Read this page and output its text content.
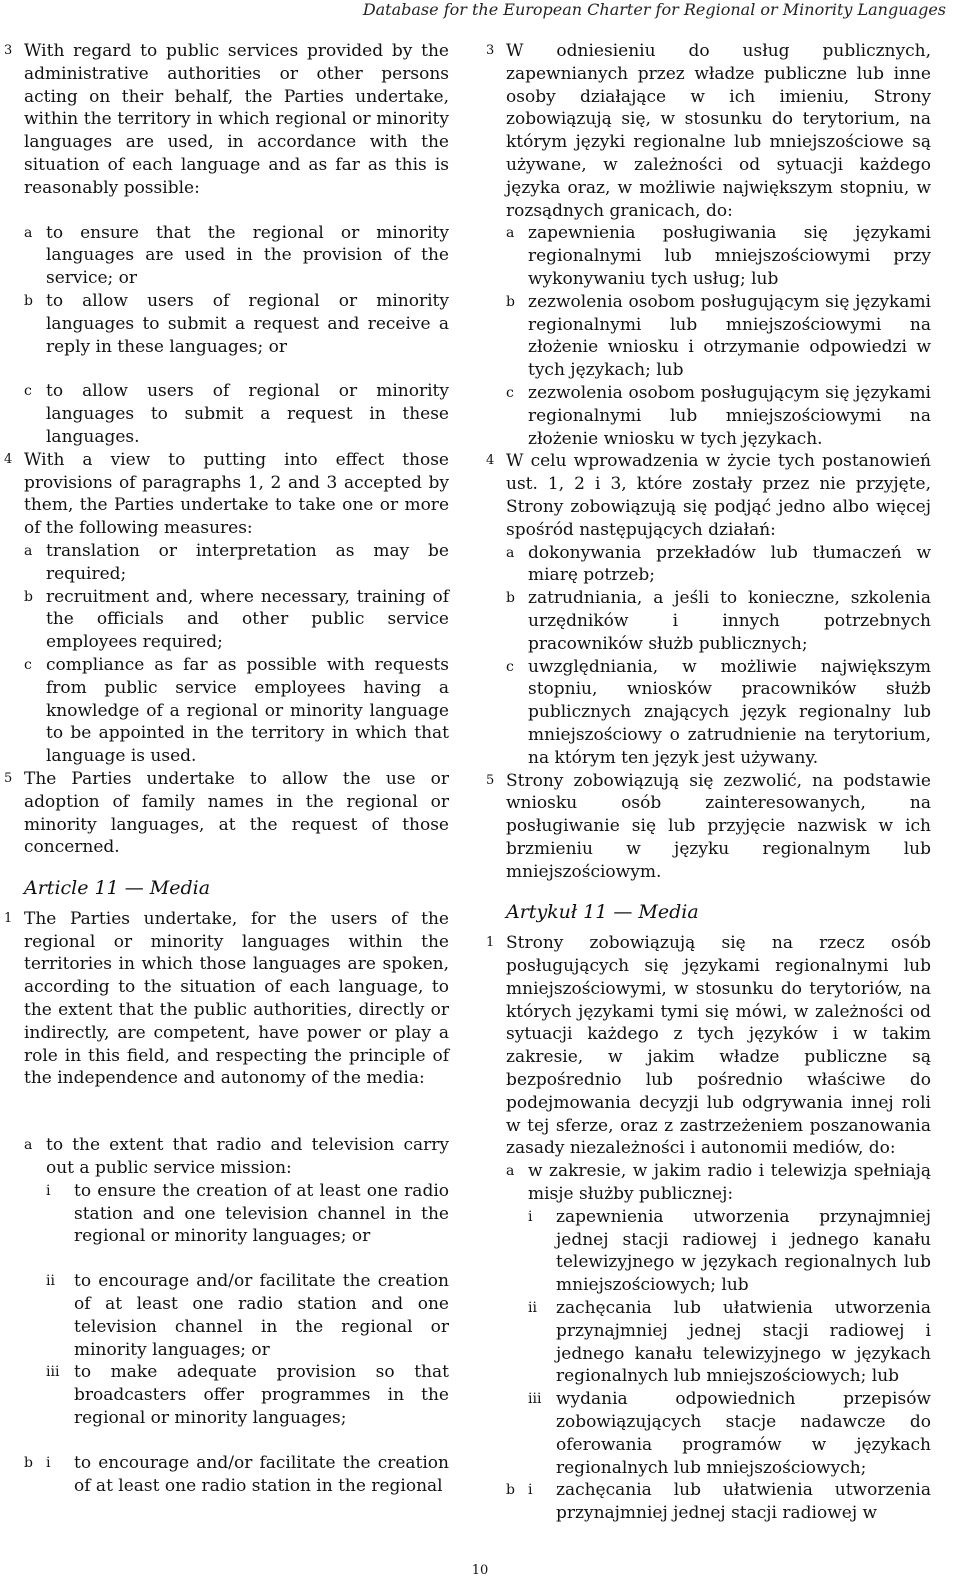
Database for the European Charter for Regional or Minority Languages
3 With regard to public services provided by the administrative authorities or other persons acting on their behalf, the Parties undertake, within the territory in which regional or minority languages are used, in accordance with the situation of each language and as far as this is reasonably possible:
a to ensure that the regional or minority languages are used in the provision of the service; or
b to allow users of regional or minority languages to submit a request and receive a reply in these languages; or
c to allow users of regional or minority languages to submit a request in these languages.
4 With a view to putting into effect those provisions of paragraphs 1, 2 and 3 accepted by them, the Parties undertake to take one or more of the following measures:
a translation or interpretation as may be required;
b recruitment and, where necessary, training of the officials and other public service employees required;
c compliance as far as possible with requests from public service employees having a knowledge of a regional or minority language to be appointed in the territory in which that language is used.
5 The Parties undertake to allow the use or adoption of family names in the regional or minority languages, at the request of those concerned.
Article 11 — Media
1 The Parties undertake, for the users of the regional or minority languages within the territories in which those languages are spoken, according to the situation of each language, to the extent that the public authorities, directly or indirectly, are competent, have power or play a role in this field, and respecting the principle of the independence and autonomy of the media:
a to the extent that radio and television carry out a public service mission:
i	to ensure the creation of at least one radio station and one television channel in the regional or minority languages; or
ii	to encourage and/or facilitate the creation of at least one radio station and one television channel in the regional or minority languages; or
iii to make adequate provision so that broadcasters offer programmes in the regional or minority languages;
b i	to encourage and/or facilitate the creation of at least one radio station in the regional
3 W odniesieniu do usług publicznych, zapewnianych przez władze publiczne lub inne osoby działające w ich imieniu, Strony zobowiązują się, w stosunku do terytorium, na którym języki regionalne lub mniejszościowe są używane, w zależności od sytuacji każdego języka oraz, w możliwie największym stopniu, w rozsądnych granicach, do:
a zapewnienia posługiwania się językami regionalnymi lub mniejszościowymi przy wykonywaniu tych usług; lub
b zezwolenia osobom posługującym się językami regionalnymi lub mniejszościowymi na złożenie wniosku i otrzymanie odpowiedzi w tych językach; lub
c zezwolenia osobom posługującym się językami regionalnymi lub mniejszościowymi na złożenie wniosku w tych językach.
4 W celu wprowadzenia w życie tych postanowień ust. 1, 2 i 3, które zostały przez nie przyjęte, Strony zobowiązują się podjąć jedno albo więcej spośród następujących działań:
a dokonywania przekładów lub tłumaczeń w miarę potrzeb;
b zatrudniania, a jeśli to konieczne, szkolenia urzędników i innych potrzebnych pracowników służb publicznych;
c uwzględniania, w możliwie największym stopniu, wniosków pracowników służb publicznych znających język regionalny lub mniejszościowy o zatrudnienie na terytorium, na którym ten język jest używany.
5 Strony zobowiązują się zezwolić, na podstawie wniosku osób zainteresowanych, na posługiwanie się lub przyjęcie nazwisk w ich brzmieniu w języku regionalnym lub mniejszościowym.
Artykuł 11 — Media
1 Strony zobowiązują się na rzecz osób posługujących się językami regionalnymi lub mniejszościowymi, w stosunku do terytoriów, na których językami tymi się mówi, w zależności od sytuacji każdego z tych języków i w takim zakresie, w jakim władze publiczne są bezpośrednio lub pośrednio właściwe do podejmowania decyzji lub odgrywania innej roli w tej sferze, oraz z zastrzeżeniem poszanowania zasady niezależności i autonomii mediów, do:
a w zakresie, w jakim radio i telewizja spełniają misje służby publicznej:
i	zapewnienia utworzenia przynajmniej jednej stacji radiowej i jednego kanału telewizyjnego w językach regionalnych lub mniejszościowych; lub
ii	zachęcania lub ułatwienia utworzenia przynajmniej jednej stacji radiowej i jednego kanału telewizyjnego w językach regionalnych lub mniejszościowych; lub
iii wydania odpowiednich przepisów zobowiązujących stacje nadawcze do oferowania programów w językach regionalnych lub mniejszościowych;
b i	zachęcania lub ułatwienia utworzenia przynajmniej jednej stacji radiowej w
10
